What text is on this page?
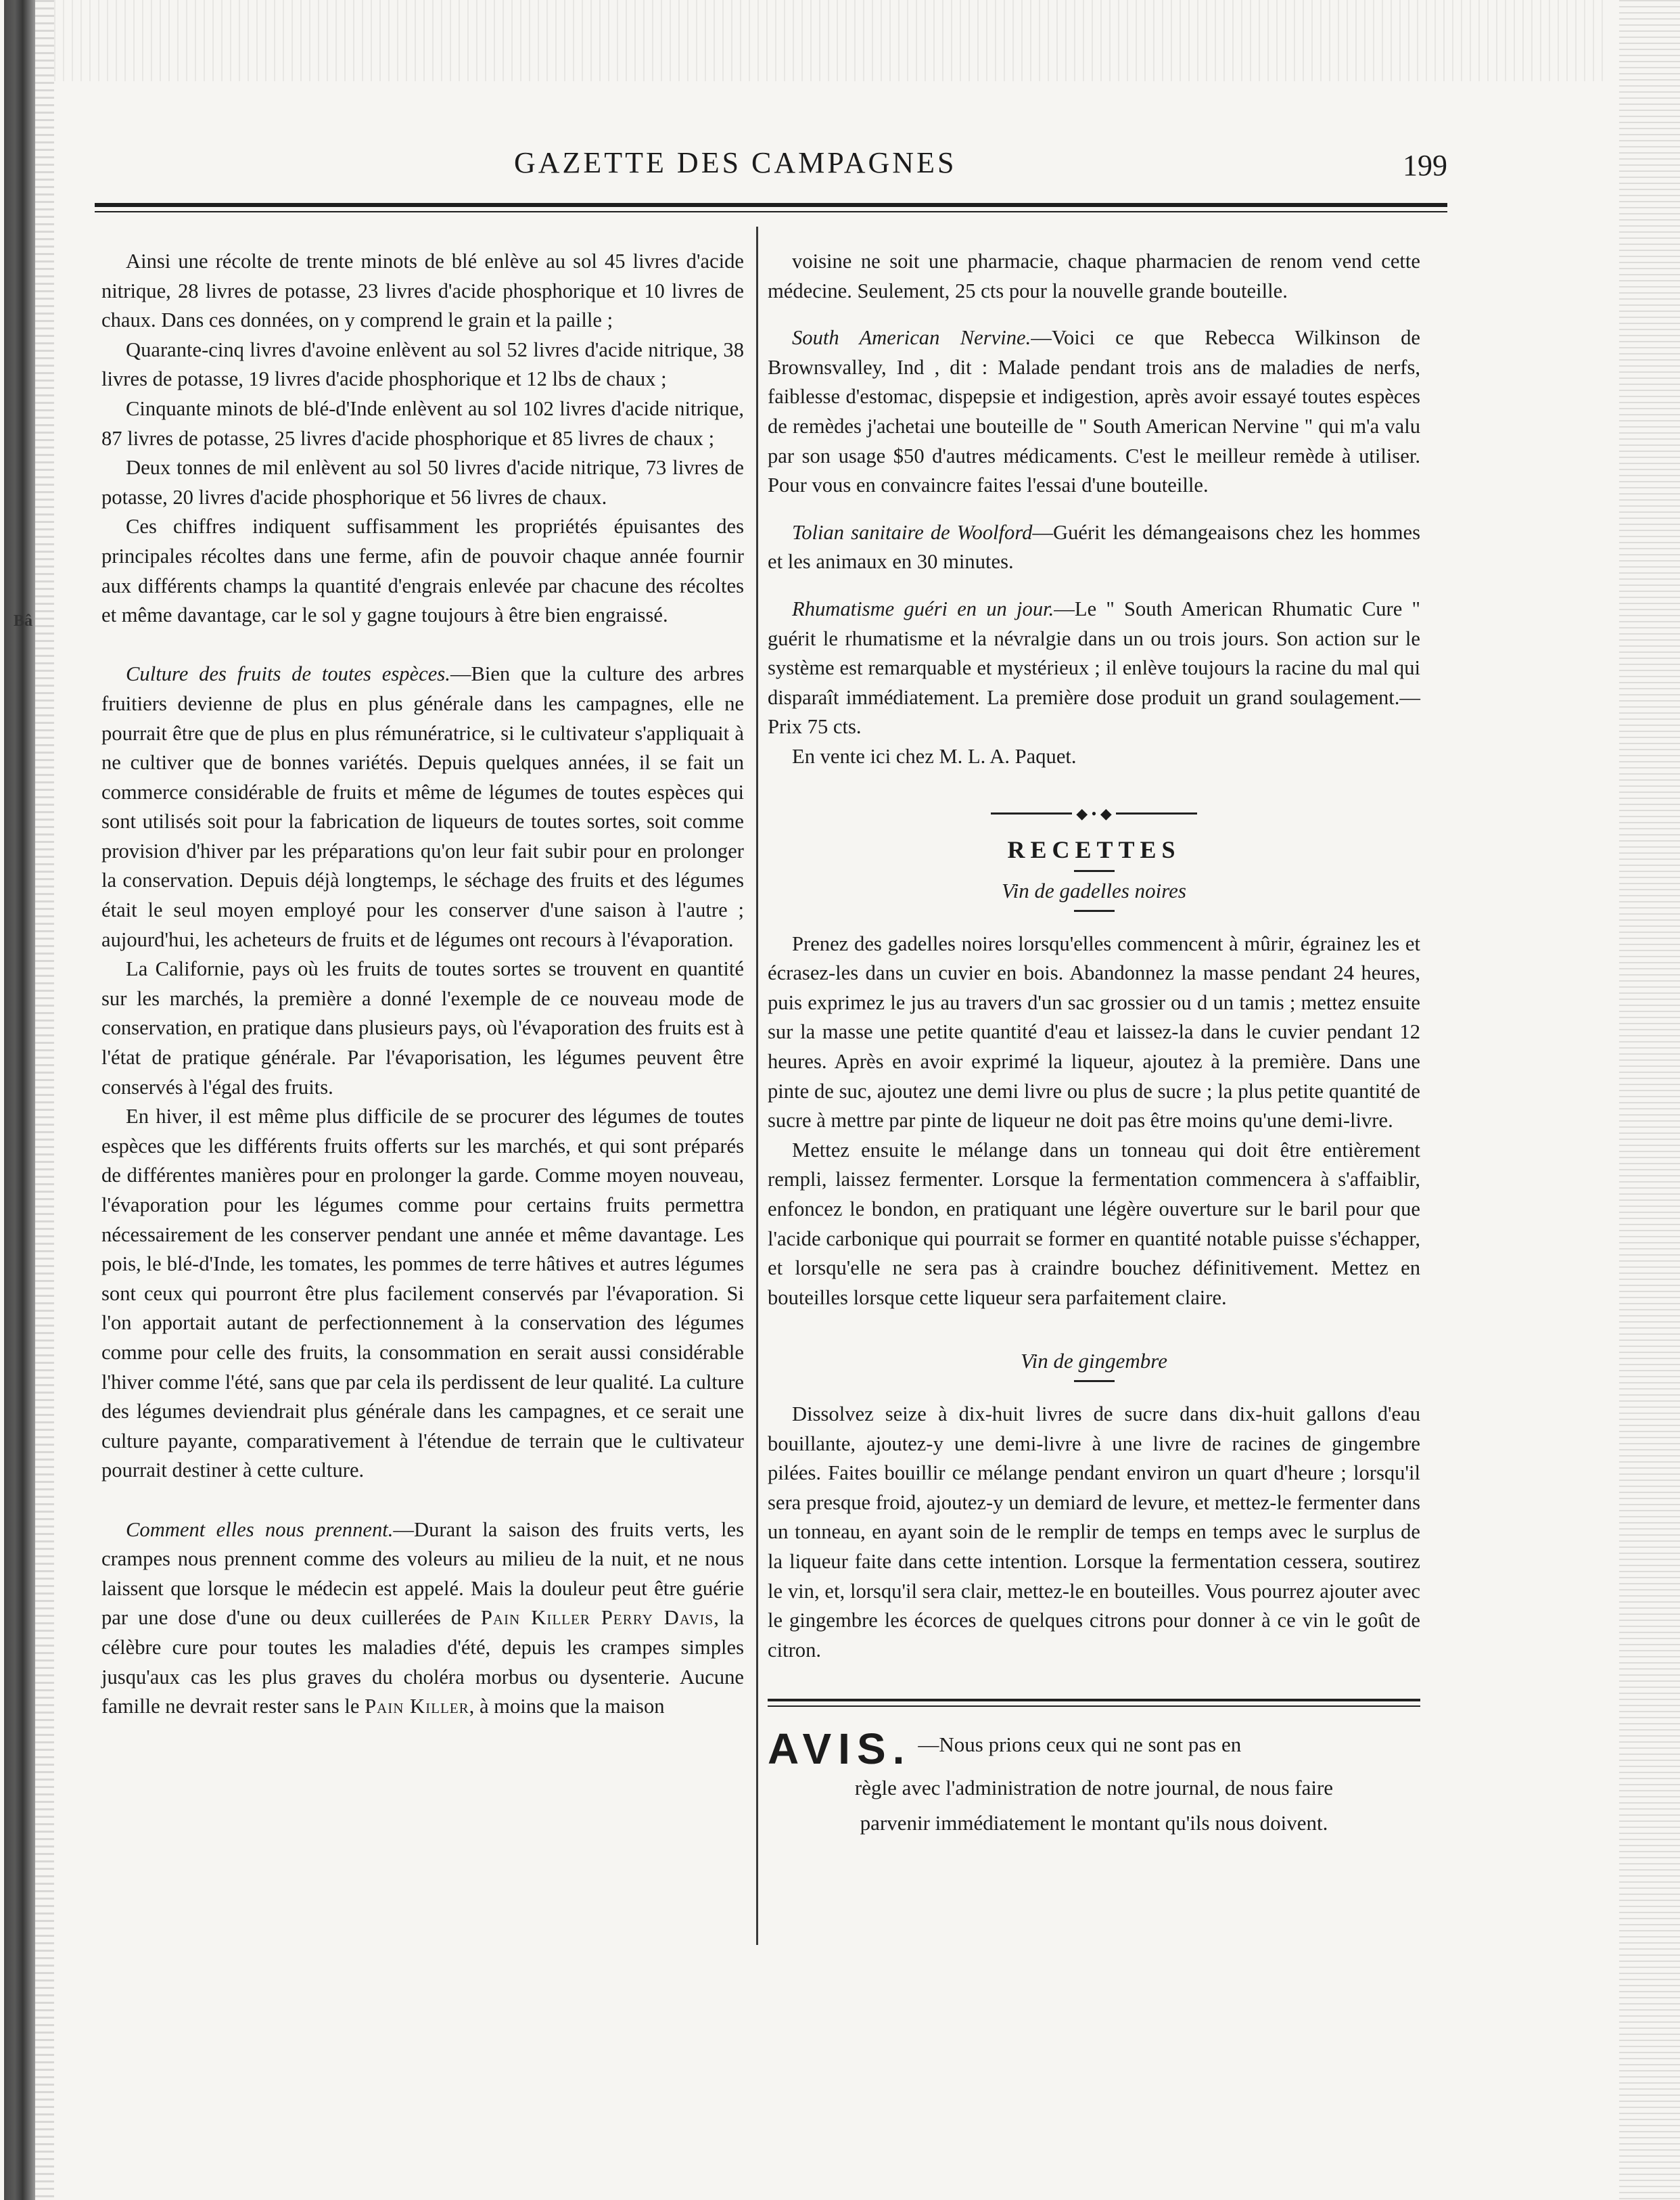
Bâ
GAZETTE DES CAMPAGNES	199

Ainsi une récolte de trente minots de blé enlève au sol 45 livres d'acide nitrique, 28 livres de potasse, 23 livres d'acide phosphorique et 10 livres de chaux. Dans ces données, on y comprend le grain et la paille ;

Quarante-cinq livres d'avoine enlèvent au sol 52 livres d'acide nitrique, 38 livres de potasse, 19 livres d'acide phosphorique et 12 lbs de chaux ;

Cinquante minots de blé-d'Inde enlèvent au sol 102 livres d'acide nitrique, 87 livres de potasse, 25 livres d'acide phosphorique et 85 livres de chaux ;

Deux tonnes de mil enlèvent au sol 50 livres d'acide nitrique, 73 livres de potasse, 20 livres d'acide phosphorique et 56 livres de chaux.

Ces chiffres indiquent suffisamment les propriétés épuisantes des principales récoltes dans une ferme, afin de pouvoir chaque année fournir aux différents champs la quantité d'engrais enlevée par chacune des récoltes et même davantage, car le sol y gagne toujours à être bien engraissé.

Culture des fruits de toutes espèces.—Bien que la culture des arbres fruitiers devienne de plus en plus générale dans les campagnes, elle ne pourrait être que de plus en plus rémunératrice, si le cultivateur s'appliquait à ne cultiver que de bonnes variétés. Depuis quelques années, il se fait un commerce considérable de fruits et même de légumes de toutes espèces qui sont utilisés soit pour la fabrication de liqueurs de toutes sortes, soit comme provision d'hiver par les préparations qu'on leur fait subir pour en prolonger la conservation. Depuis déjà longtemps, le séchage des fruits et des légumes était le seul moyen employé pour les conserver d'une saison à l'autre ; aujourd'hui, les acheteurs de fruits et de légumes ont recours à l'évaporation.

La Californie, pays où les fruits de toutes sortes se trouvent en quantité sur les marchés, la première a donné l'exemple de ce nouveau mode de conservation, en pratique dans plusieurs pays, où l'évaporation des fruits est à l'état de pratique générale. Par l'évaporisation, les légumes peuvent être conservés à l'égal des fruits.

En hiver, il est même plus difficile de se procurer des légumes de toutes espèces que les différents fruits offerts sur les marchés, et qui sont préparés de différentes manières pour en prolonger la garde. Comme moyen nouveau, l'évaporation pour les légumes comme pour certains fruits permettra nécessairement de les conserver pendant une année et même davantage. Les pois, le blé-d'Inde, les tomates, les pommes de terre hâtives et autres légumes sont ceux qui pourront être plus facilement conservés par l'évaporation. Si l'on apportait autant de perfectionnement à la conservation des légumes comme pour celle des fruits, la consommation en serait aussi considérable l'hiver comme l'été, sans que par cela ils perdissent de leur qualité. La culture des légumes deviendrait plus générale dans les campagnes, et ce serait une culture payante, comparativement à l'étendue de terrain que le cultivateur pourrait destiner à cette culture.

Comment elles nous prennent.—Durant la saison des fruits verts, les crampes nous prennent comme des voleurs au milieu de la nuit, et ne nous laissent que lorsque le médecin est appelé. Mais la douleur peut être guérie par une dose d'une ou deux cuillerées de Pain Killer Perry Davis, la célèbre cure pour toutes les maladies d'été, depuis les crampes simples jusqu'aux cas les plus graves du choléra morbus ou dysenterie. Aucune famille ne devrait rester sans le Pain Killer, à moins que la maison

voisine ne soit une pharmacie, chaque pharmacien de renom vend cette médecine. Seulement, 25 cts pour la nouvelle grande bouteille.

South American Nervine.—Voici ce que Rebecca Wilkinson de Brownsvalley, Ind , dit : Malade pendant trois ans de maladies de nerfs, faiblesse d'estomac, dispepsie et indigestion, après avoir essayé toutes espèces de remèdes j'achetai une bouteille de " South American Nervine " qui m'a valu par son usage $50 d'autres médicaments. C'est le meilleur remède à utiliser. Pour vous en convaincre faites l'essai d'une bouteille.

Tolian sanitaire de Woolford—Guérit les démangeaisons chez les hommes et les animaux en 30 minutes.

Rhumatisme guéri en un jour.—Le " South American Rhumatic Cure " guérit le rhumatisme et la névralgie dans un ou trois jours. Son action sur le système est remarquable et mystérieux ; il enlève toujours la racine du mal qui disparaît immédiatement. La première dose produit un grand soulagement.—Prix 75 cts.

En vente ici chez M. L. A. Paquet.

◆ • ◆
RECETTES
Vin de gadelles noires

Prenez des gadelles noires lorsqu'elles commencent à mûrir, égrainez les et écrasez-les dans un cuvier en bois. Abandonnez la masse pendant 24 heures, puis exprimez le jus au travers d'un sac grossier ou d un tamis ; mettez ensuite sur la masse une petite quantité d'eau et laissez-la dans le cuvier pendant 12 heures. Après en avoir exprimé la liqueur, ajoutez à la première. Dans une pinte de suc, ajoutez une demi livre ou plus de sucre ; la plus petite quantité de sucre à mettre par pinte de liqueur ne doit pas être moins qu'une demi-livre.

Mettez ensuite le mélange dans un tonneau qui doit être entièrement rempli, laissez fermenter. Lorsque la fermentation commencera à s'affaiblir, enfoncez le bondon, en pratiquant une légère ouverture sur le baril pour que l'acide carbonique qui pourrait se former en quantité notable puisse s'échapper, et lorsqu'elle ne sera pas à craindre bouchez définitivement. Mettez en bouteilles lorsque cette liqueur sera parfaitement claire.

Vin de gingembre

Dissolvez seize à dix-huit livres de sucre dans dix-huit gallons d'eau bouillante, ajoutez-y une demi-livre à une livre de racines de gingembre pilées. Faites bouillir ce mélange pendant environ un quart d'heure ; lorsqu'il sera presque froid, ajoutez-y un demiard de levure, et mettez-le fermenter dans un tonneau, en ayant soin de le remplir de temps en temps avec le surplus de la liqueur faite dans cette intention. Lorsque la fermentation cessera, soutirez le vin, et, lorsqu'il sera clair, mettez-le en bouteilles. Vous pourrez ajouter avec le gingembre les écorces de quelques citrons pour donner à ce vin le goût de citron.

AVIS. —Nous prions ceux qui ne sont pas en
règle avec l'administration de notre journal, de nous faire
parvenir immédiatement le montant qu'ils nous doivent.
